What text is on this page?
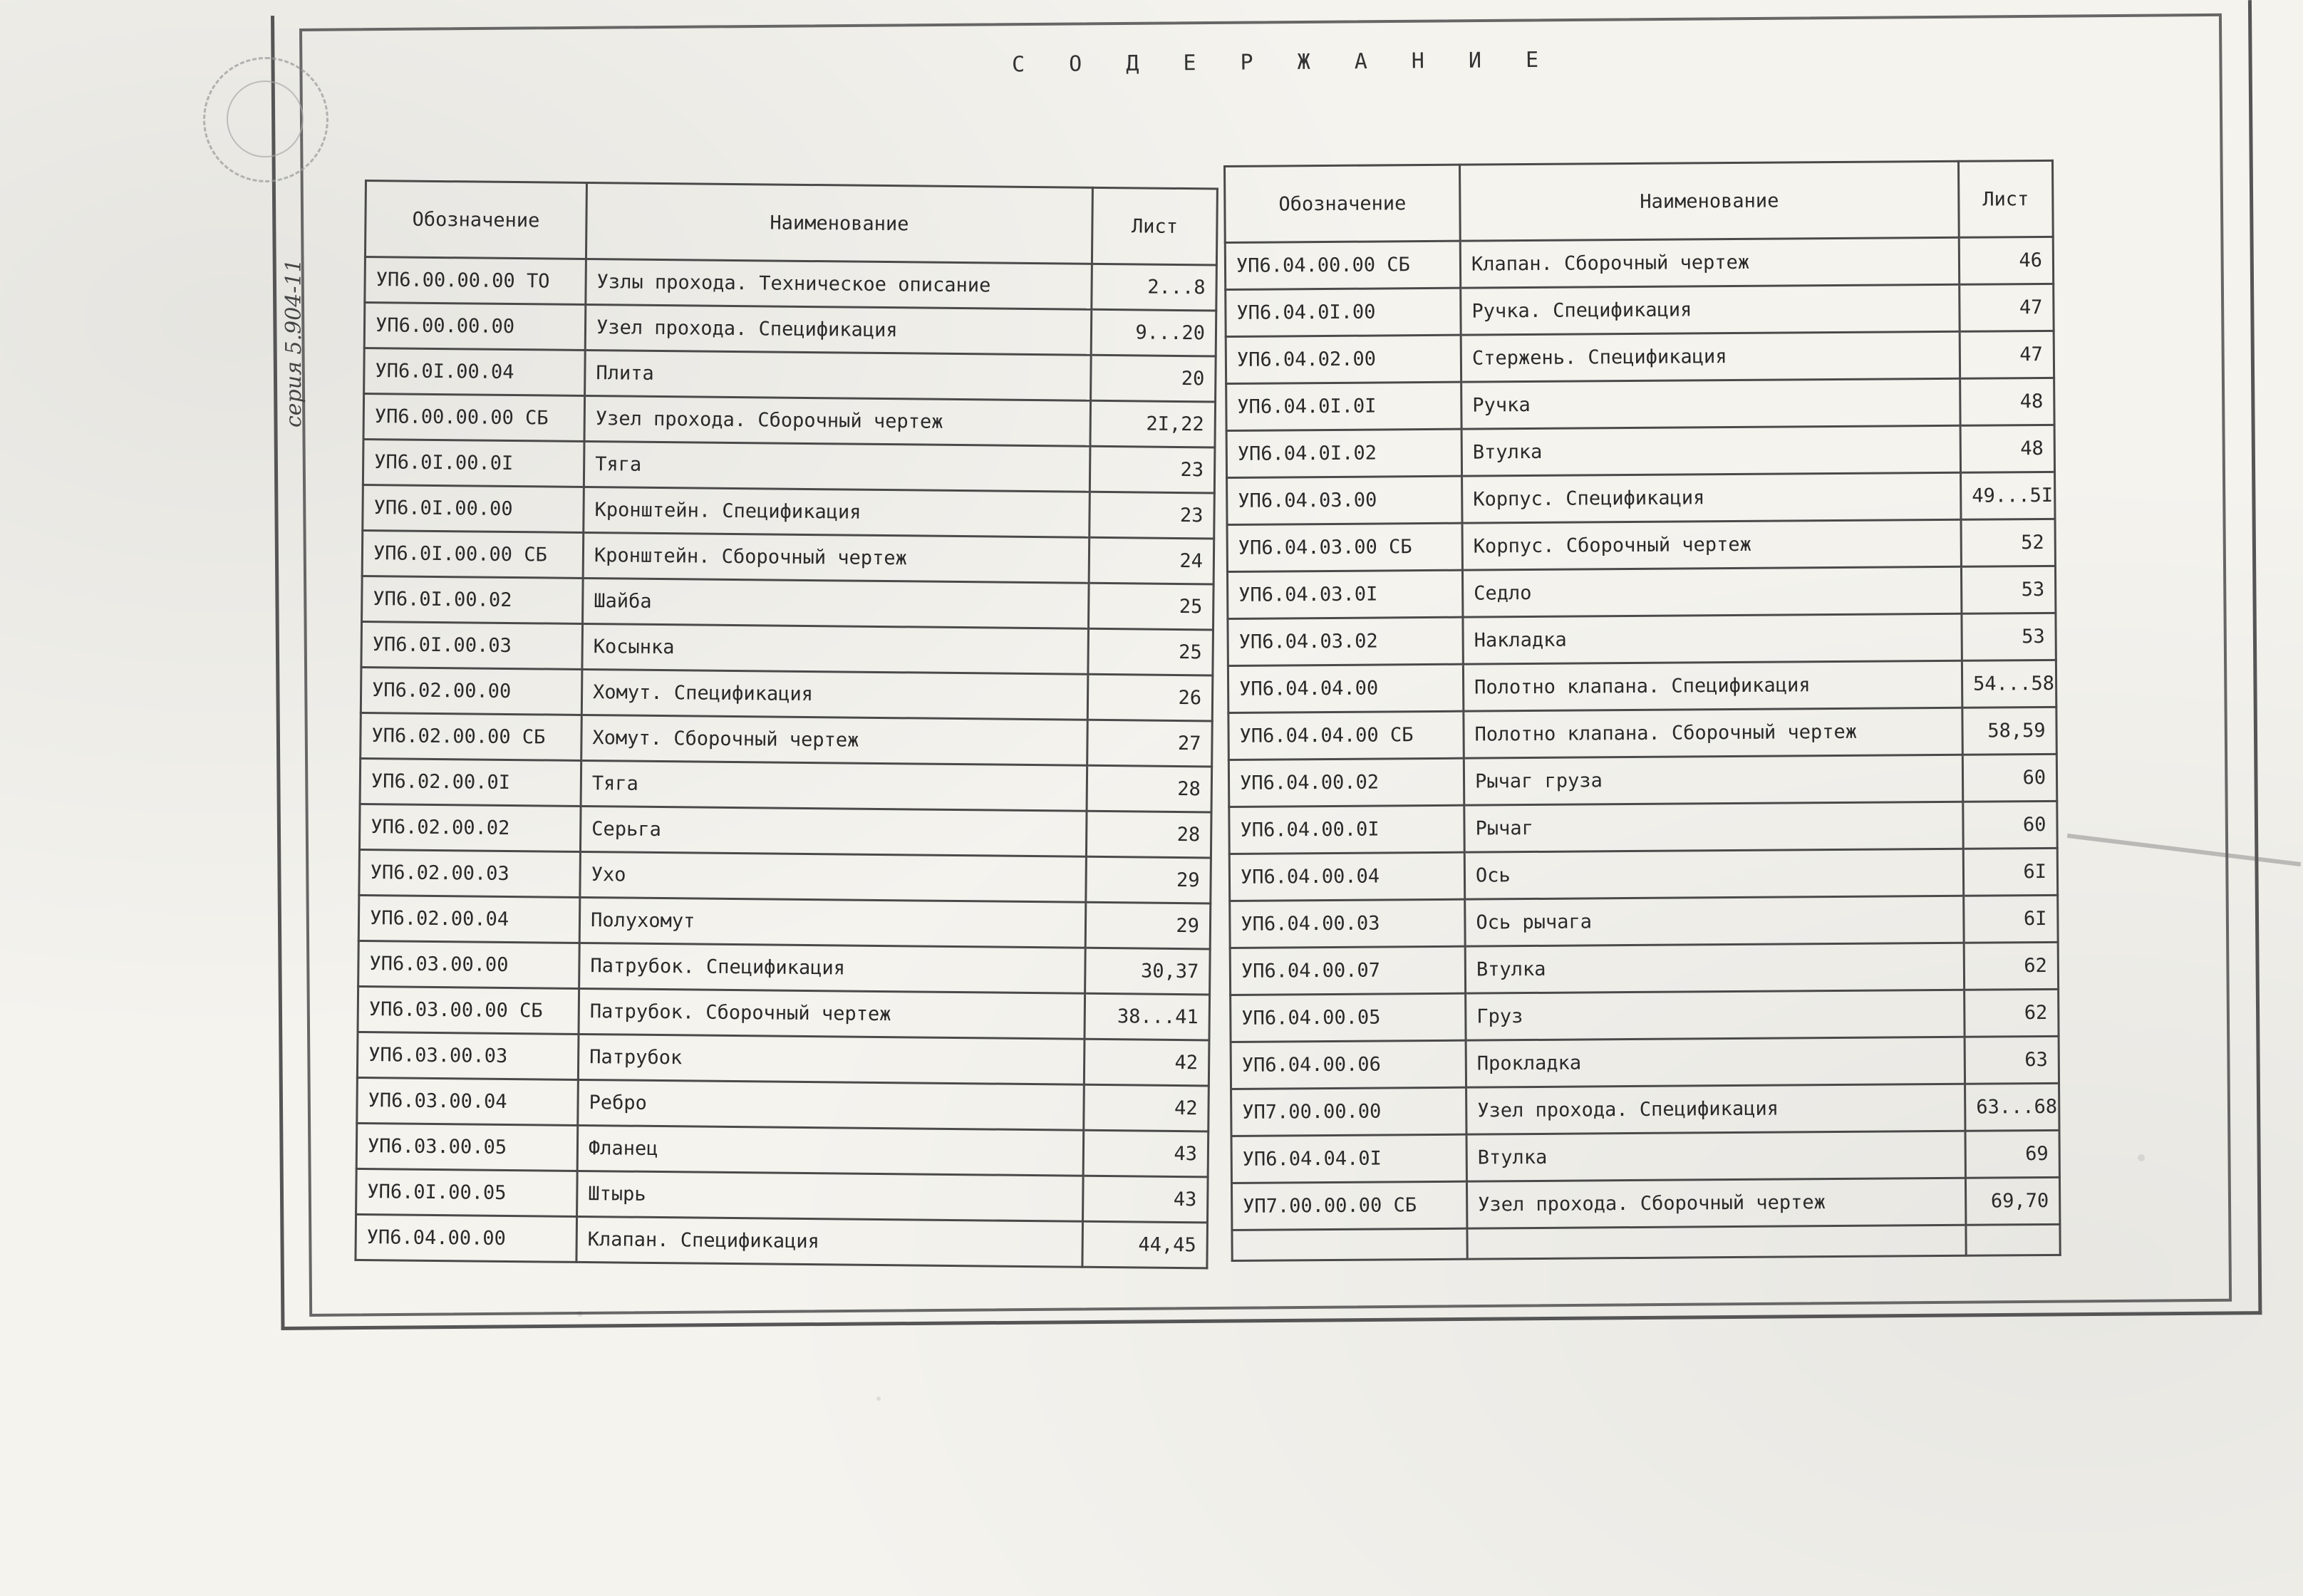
С О Д Е Р Ж А Н И Е
серия 5.904-11
Обозначение	Наименование	Лист
УП6.00.00.00 ТО	Узлы прохода. Техническое описание	2...8
УП6.00.00.00	Узел прохода. Спецификация	9...20
УП6.0I.00.04	Плита	20
УП6.00.00.00 СБ	Узел прохода. Сборочный чертеж	2I,22
УП6.0I.00.0I	Тяга	23
УП6.0I.00.00	Кронштейн. Спецификация	23
УП6.0I.00.00 СБ	Кронштейн. Сборочный чертеж	24
УП6.0I.00.02	Шайба	25
УП6.0I.00.03	Косынка	25
УП6.02.00.00	Хомут. Спецификация	26
УП6.02.00.00 СБ	Хомут. Сборочный чертеж	27
УП6.02.00.0I	Тяга	28
УП6.02.00.02	Серьга	28
УП6.02.00.03	Ухо	29
УП6.02.00.04	Полухомут	29
УП6.03.00.00	Патрубок. Спецификация	30,37
УП6.03.00.00 СБ	Патрубок. Сборочный чертеж	38...41
УП6.03.00.03	Патрубок	42
УП6.03.00.04	Ребро	42
УП6.03.00.05	Фланец	43
УП6.0I.00.05	Штырь	43
УП6.04.00.00	Клапан. Спецификация	44,45
Обозначение	Наименование	Лист
УП6.04.00.00 СБ	Клапан. Сборочный чертеж	46
УП6.04.0I.00	Ручка. Спецификация	47
УП6.04.02.00	Стержень. Спецификация	47
УП6.04.0I.0I	Ручка	48
УП6.04.0I.02	Втулка	48
УП6.04.03.00	Корпус. Спецификация	49...5I
УП6.04.03.00 СБ	Корпус. Сборочный чертеж	52
УП6.04.03.0I	Седло	53
УП6.04.03.02	Накладка	53
УП6.04.04.00	Полотно клапана. Спецификация	54...58
УП6.04.04.00 СБ	Полотно клапана. Сборочный чертеж	58,59
УП6.04.00.02	Рычаг груза	60
УП6.04.00.0I	Рычаг	60
УП6.04.00.04	Ось	6I
УП6.04.00.03	Ось рычага	6I
УП6.04.00.07	Втулка	62
УП6.04.00.05	Груз	62
УП6.04.00.06	Прокладка	63
УП7.00.00.00	Узел прохода. Спецификация	63...68
УП6.04.04.0I	Втулка	69
УП7.00.00.00 СБ	Узел прохода. Сборочный чертеж	69,70
